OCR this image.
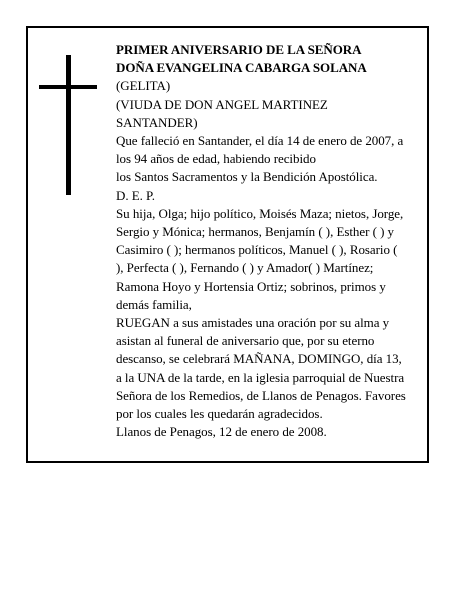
PRIMER ANIVERSARIO DE LA SEÑORA

DOÑA EVANGELINA CABARGA SOLANA

(GELITA)

(VIUDA DE DON ANGEL MARTINEZ

SANTANDER)

Que falleció en Santander, el día 14 de enero de 2007, a

los 94 años de edad, habiendo recibido

los Santos Sacramentos y la Bendición Apostólica.

D. E. P.

Su hija, Olga; hijo político, Moisés Maza; nietos, Jorge,

Sergio y Mónica; hermanos, Benjamín ( ), Esther ( ) y

Casimiro ( ); hermanos políticos, Manuel ( ), Rosario (

), Perfecta ( ), Fernando ( ) y Amador( ) Martínez;

Ramona Hoyo y Hortensia Ortiz; sobrinos, primos y

demás familia,

RUEGAN a sus amistades una oración por su alma y

asistan al funeral de aniversario que, por su eterno

descanso, se celebrará MAÑANA, DOMINGO, día 13,

a la UNA de la tarde, en la iglesia parroquial de Nuestra

Señora de los Remedios, de Llanos de Penagos. Favores

por los cuales les quedarán agradecidos.

Llanos de Penagos, 12 de enero de 2008.
